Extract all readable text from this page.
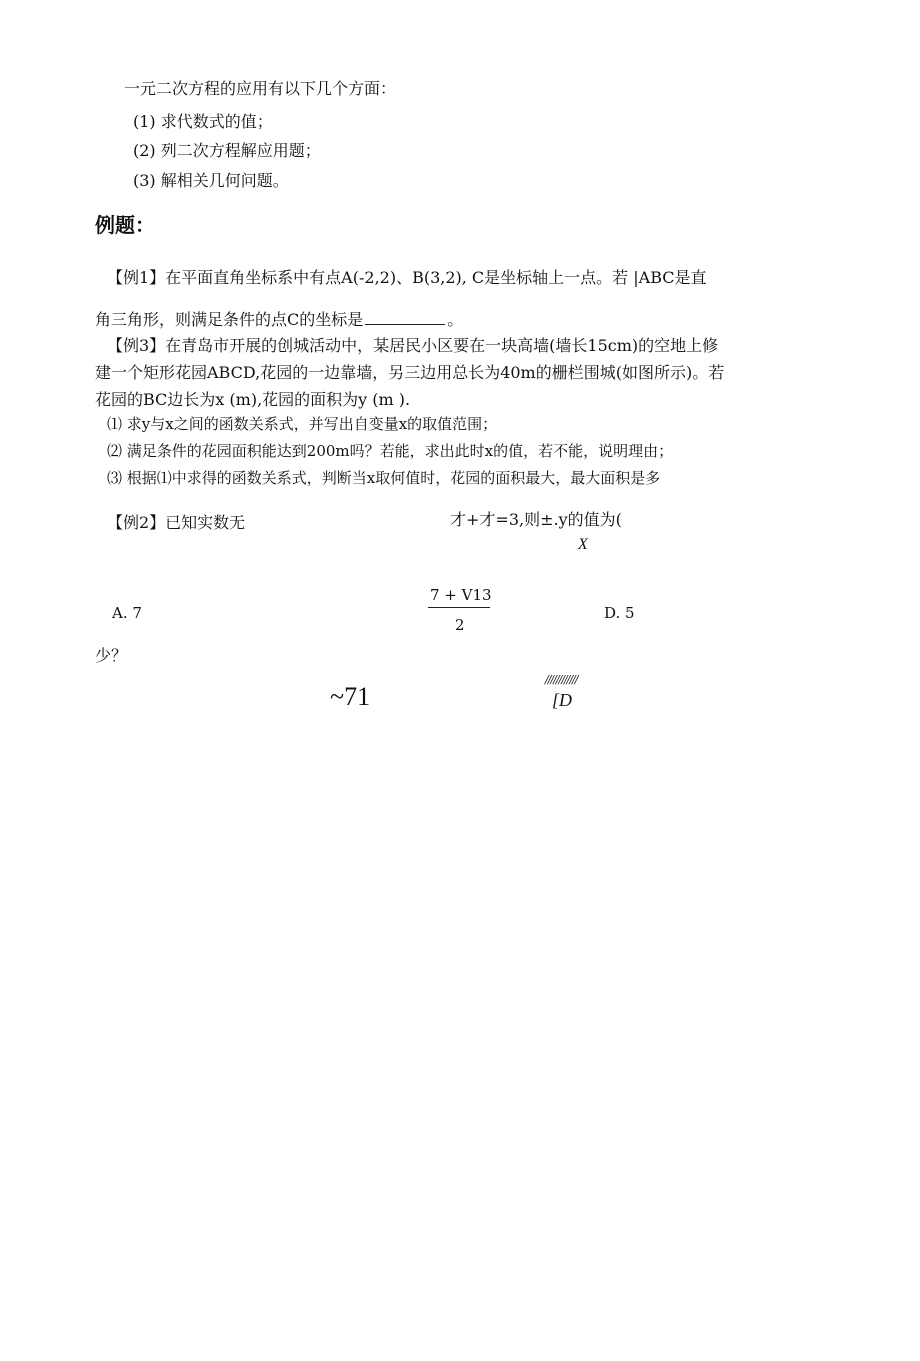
一元二次方程的应用有以下几个方面：
(1) 求代数式的值；
(2) 列二次方程解应用题；
(3) 解相关几何问题。
例题：
【例1】在平面直角坐标系中有点A(-2,2)、B(3,2), C是坐标轴上一点。若 |ABC是直
角三角形，则满足条件的点C的坐标是	。
【例3】在青岛市开展的创城活动中，某居民小区要在一块高墙(墙长15cm)的空地上修
建一个矩形花园ABCD,花园的一边靠墙，另三边用总长为40m的栅栏围城(如图所示)。若
花园的BC边长为x (m),花园的面积为y (m ).
⑴ 求y与x之间的函数关系式，并写出自变量x的取值范围；
⑵ 满足条件的花园面积能达到200m吗？若能，求出此时x的值，若不能，说明理由；
⑶ 根据⑴中求得的函数关系式，判断当x取何值时，花园的面积最大，最大面积是多
【例2】已知实数无	才+才=3,则±.y的值为(
X
A. 7
7 + V13
2
D. 5
少？
~71
////////////
[D
